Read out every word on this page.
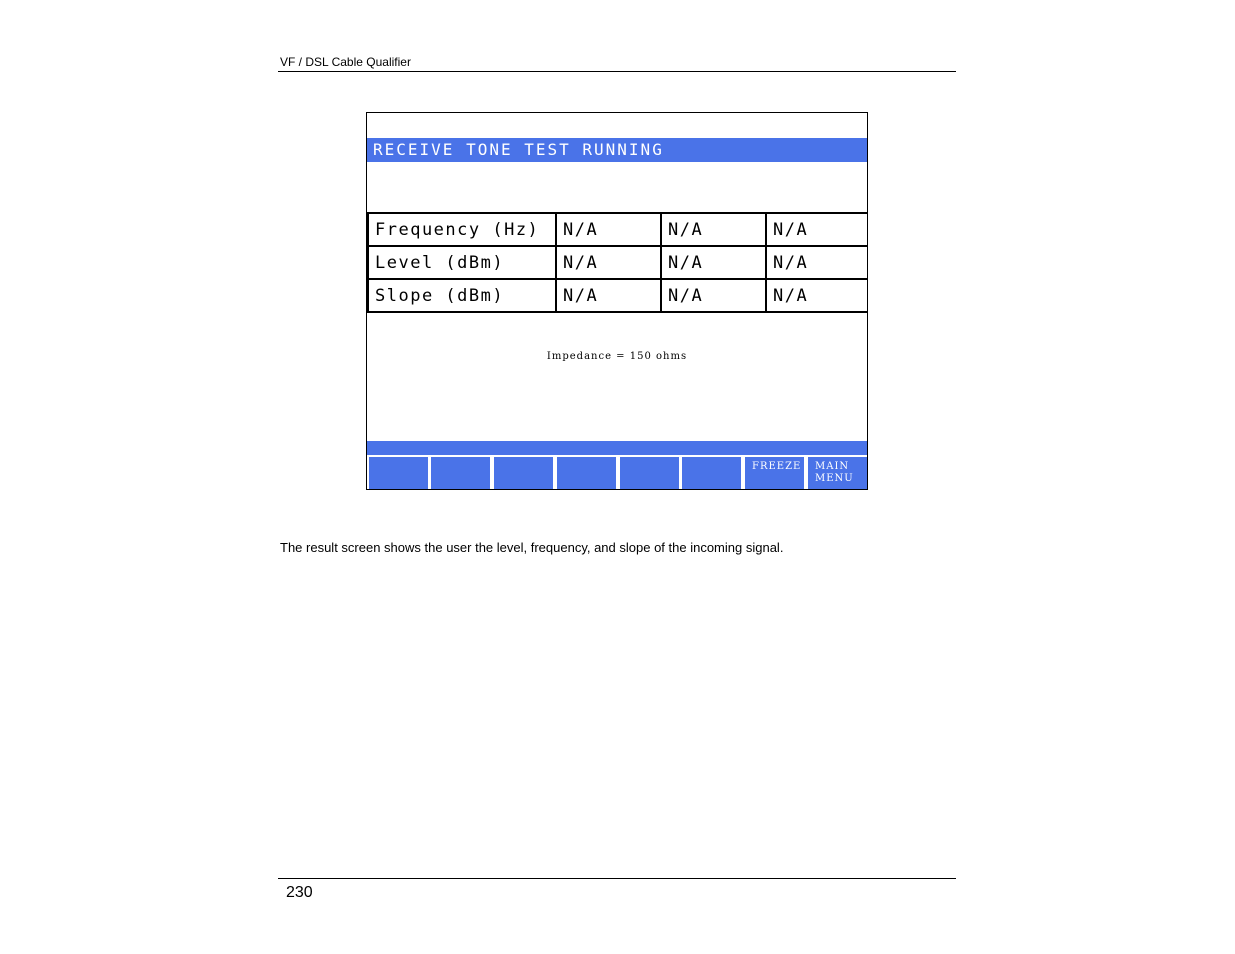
VF / DSL Cable Qualifier
RECEIVE TONE TEST RUNNING
Frequency (Hz)	N/A	N/A	N/A
Level (dBm)	N/A	N/A	N/A
Slope (dBm)	N/A	N/A	N/A
Impedance = 150 ohms
FREEZE	MAIN
MENU
The result screen shows the user the level, frequency, and slope of the incoming signal.
230
